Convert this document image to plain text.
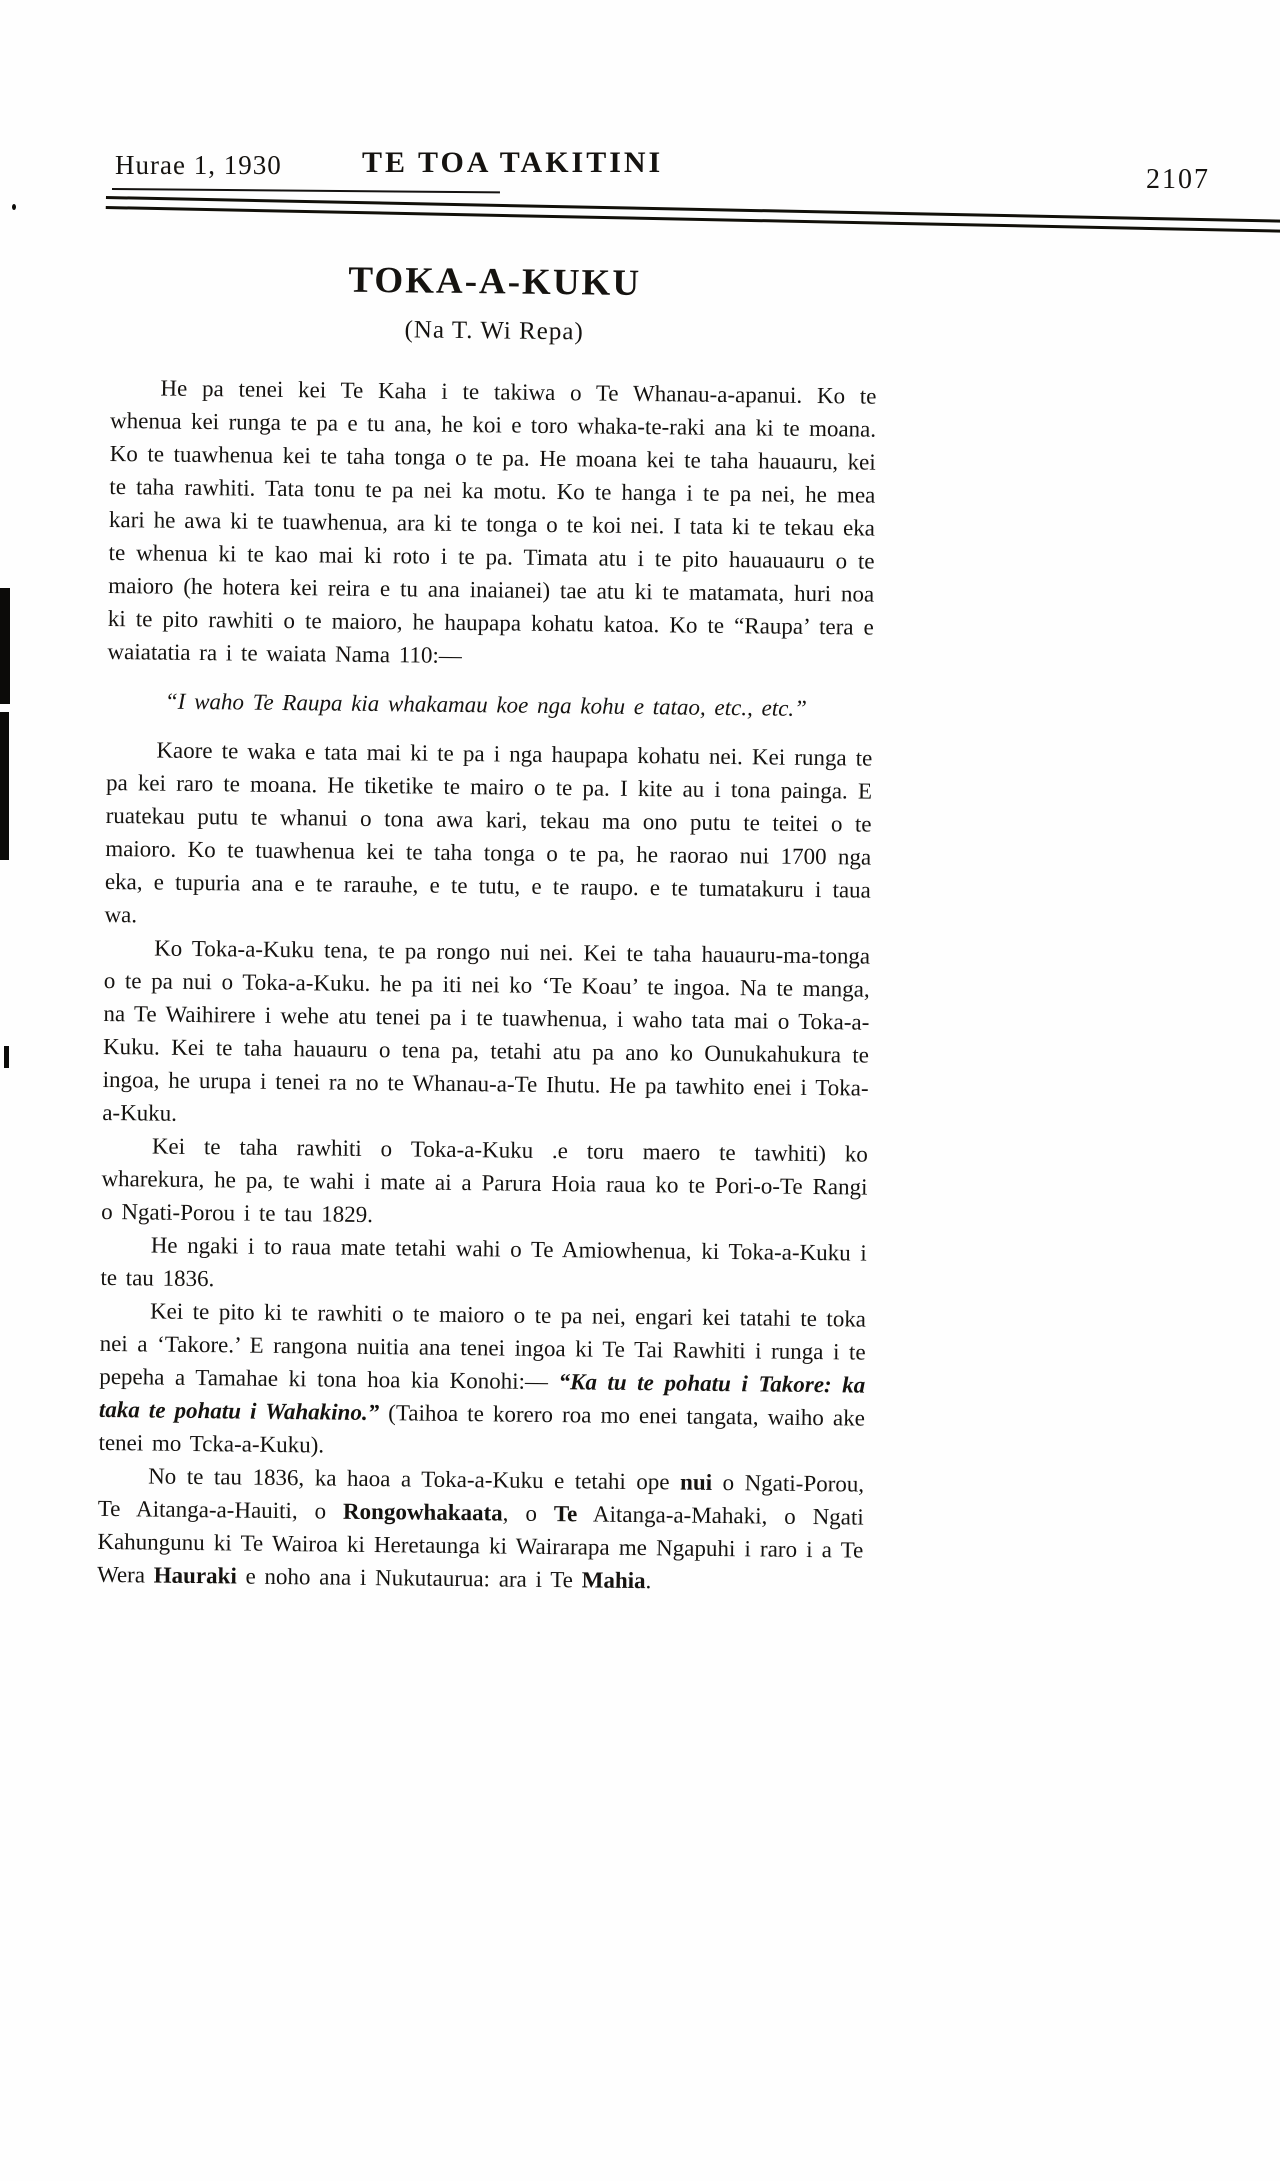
Hurae 1, 1930	TE TOA TAKITINI
2107
TOKA-A-KUKU
(Na T. Wi Repa)

He pa tenei kei Te Kaha i te takiwa o Te Whanau-a-apanui. Ko te whenua kei runga te pa e tu ana, he koi e toro whaka-te-raki ana ki te moana. Ko te tuawhenua kei te taha tonga o te pa. He moana kei te taha hauauru, kei te taha rawhiti. Tata tonu te pa nei ka motu. Ko te hanga i te pa nei, he mea kari he awa ki te tuawhenua, ara ki te tonga o te koi nei. I tata ki te tekau eka te whenua ki te kao mai ki roto i te pa. Timata atu i te pito hauauauru o te maioro (he hotera kei reira e tu ana inaianei) tae atu ki te matamata, huri noa ki te pito rawhiti o te maioro, he haupapa kohatu katoa. Ko te “Raupa’ tera e waiatatia ra i te waiata Nama 110:—

“I waho Te Raupa kia whakamau koe nga kohu e tatao, etc., etc.”

Kaore te waka e tata mai ki te pa i nga haupapa kohatu nei. Kei runga te pa kei raro te moana. He tiketike te mairo o te pa. I kite au i tona painga. E ruatekau putu te whanui o tona awa kari, tekau ma ono putu te teitei o te maioro. Ko te tuawhenua kei te taha tonga o te pa, he raorao nui 1700 nga eka, e tupuria ana e te rarauhe, e te tutu, e te raupo. e te tumatakuru i taua wa.

Ko Toka-a-Kuku tena, te pa rongo nui nei. Kei te taha hauauru-ma-tonga o te pa nui o Toka-a-Kuku. he pa iti nei ko ‘Te Koau’ te ingoa. Na te manga, na Te Waihirere i wehe atu tenei pa i te tuawhenua, i waho tata mai o Toka-a-Kuku. Kei te taha hauauru o tena pa, tetahi atu pa ano ko Ounukahukura te ingoa, he urupa i tenei ra no te Whanau-a-Te Ihutu. He pa tawhito enei i Toka-a-Kuku.

Kei te taha rawhiti о Toka-a-Kuku .e toru maero te tawhiti) ko wharekura, he pa, te wahi i mate ai a Parura Hoia raua ko te Pori-o-Te Rangi o Ngati-Porou i te tau 1829.

He ngaki i to raua mate tetahi wahi o Te Amiowhenua, ki Toka-a-Kuku i te tau 1836.

Kei te pito ki te rawhiti o te maioro o te pa nei, engari kei tatahi te toka nei a ‘Takore.’ E rangona nuitia ana tenei ingoa ki Te Tai Rawhiti i runga i te pepeha a Tamahae ki tona hoa kia Konohi:— “Ka tu te pohatu i Takore: ka taka te pohatu i Wahakino.” (Taihoa te korero roa mo enei tangata, waiho ake tenei mo Tcka-a-Kuku).

No te tau 1836, ka haoa a Toka-a-Kuku e tetahi ope nui o Ngati-Porou, Te Aitanga-a-Hauiti, o Rongowhakaata, o Te Aitanga-a-Mahaki, o Ngati Kahungunu ki Te Wairoa ki Heretaunga ki Wairarapa me Ngapuhi i raro i a Te Wera Hauraki e noho ana i Nukutaurua: ara i Te Mahia.
